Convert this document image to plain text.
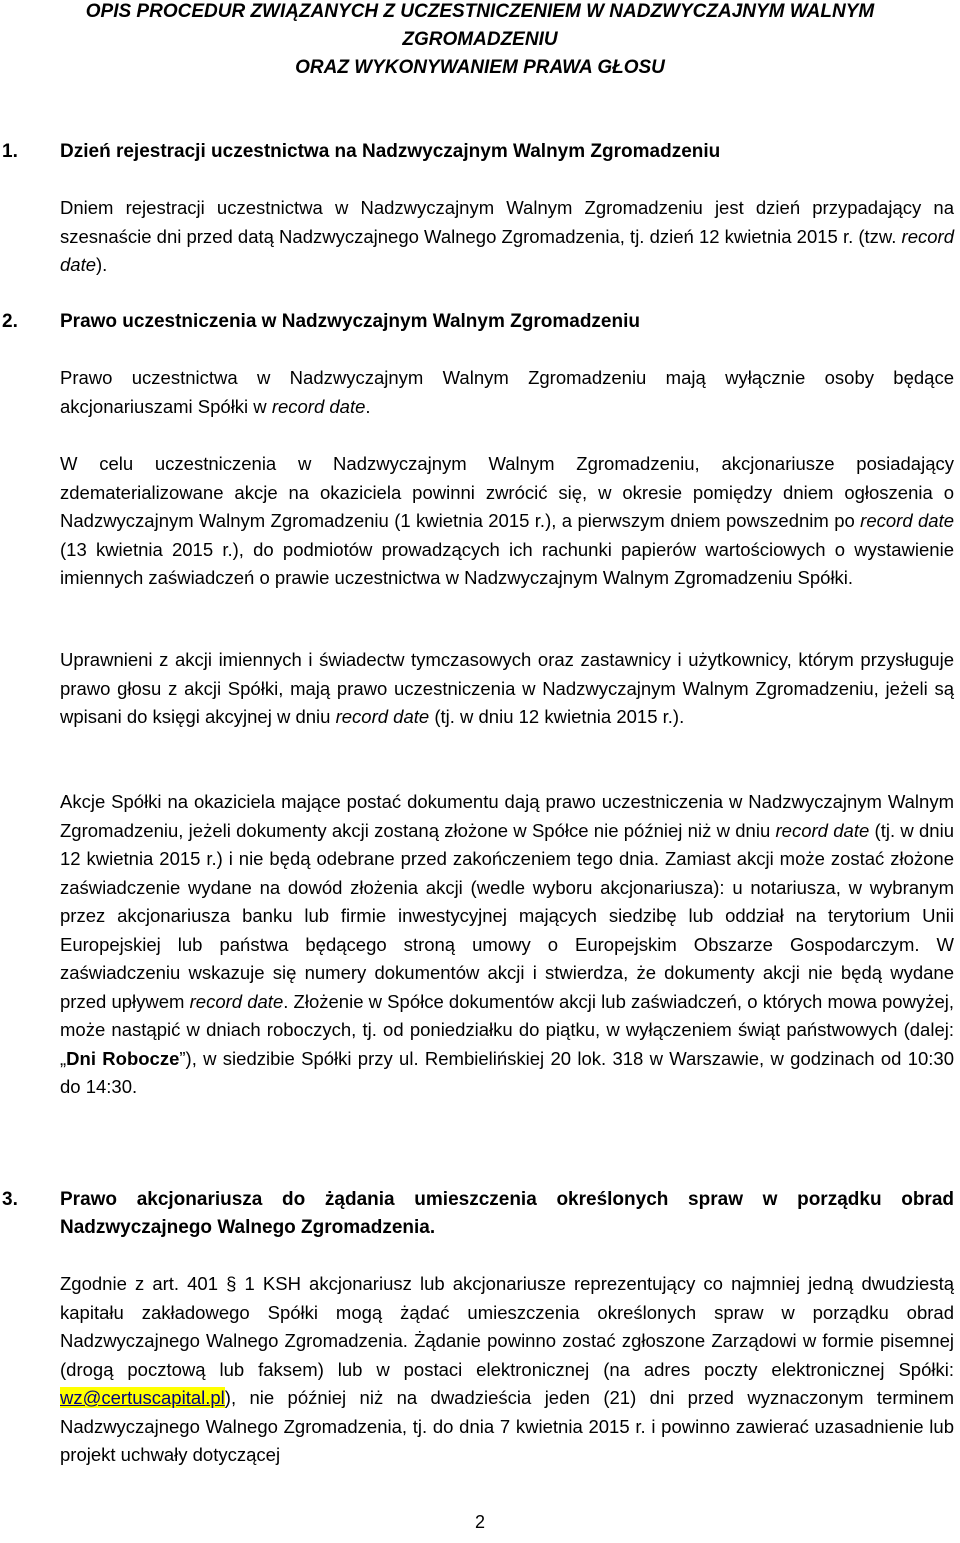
OPIS PROCEDUR ZWIĄZANYCH Z UCZESTNICZENIEM W NADZWYCZAJNYM WALNYM
ZGROMADZENIU
ORAZ WYKONYWANIEM PRAWA GŁOSU
1. Dzień rejestracji uczestnictwa na Nadzwyczajnym Walnym Zgromadzeniu
Dniem rejestracji uczestnictwa w Nadzwyczajnym Walnym Zgromadzeniu jest dzień przypadający na szesnaście dni przed datą Nadzwyczajnego Walnego Zgromadzenia, tj. dzień 12 kwietnia 2015 r. (tzw. record date).
2. Prawo uczestniczenia w Nadzwyczajnym Walnym Zgromadzeniu
Prawo uczestnictwa w Nadzwyczajnym Walnym Zgromadzeniu mają wyłącznie osoby będące akcjonariuszami Spółki w record date.
W celu uczestniczenia w Nadzwyczajnym Walnym Zgromadzeniu, akcjonariusze posiadający zdematerializowane akcje na okaziciela powinni zwrócić się, w okresie pomiędzy dniem ogłoszenia o Nadzwyczajnym Walnym Zgromadzeniu (1 kwietnia 2015 r.), a pierwszym dniem powszednim po record date (13 kwietnia 2015 r.), do podmiotów prowadzących ich rachunki papierów wartościowych o wystawienie imiennych zaświadczeń o prawie uczestnictwa w Nadzwyczajnym Walnym Zgromadzeniu Spółki.
Uprawnieni z akcji imiennych i świadectw tymczasowych oraz zastawnicy i użytkownicy, którym przysługuje prawo głosu z akcji Spółki, mają prawo uczestniczenia w Nadzwyczajnym Walnym Zgromadzeniu, jeżeli są wpisani do księgi akcyjnej w dniu record date (tj. w dniu 12 kwietnia 2015 r.).
Akcje Spółki na okaziciela mające postać dokumentu dają prawo uczestniczenia w Nadzwyczajnym Walnym Zgromadzeniu, jeżeli dokumenty akcji zostaną złożone w Spółce nie później niż w dniu record date (tj. w dniu 12 kwietnia 2015 r.) i nie będą odebrane przed zakończeniem tego dnia. Zamiast akcji może zostać złożone zaświadczenie wydane na dowód złożenia akcji (wedle wyboru akcjonariusza): u notariusza, w wybranym przez akcjonariusza banku lub firmie inwestycyjnej mających siedzibę lub oddział na terytorium Unii Europejskiej lub państwa będącego stroną umowy o Europejskim Obszarze Gospodarczym. W zaświadczeniu wskazuje się numery dokumentów akcji i stwierdza, że dokumenty akcji nie będą wydane przed upływem record date. Złożenie w Spółce dokumentów akcji lub zaświadczeń, o których mowa powyżej, może nastąpić w dniach roboczych, tj. od poniedziałku do piątku, w wyłączeniem świąt państwowych (dalej: „Dni Robocze”), w siedzibie Spółki przy ul. Rembielińskiej 20 lok. 318 w Warszawie, w godzinach od 10:30 do 14:30.
3. Prawo akcjonariusza do żądania umieszczenia określonych spraw w porządku obrad Nadzwyczajnego Walnego Zgromadzenia.
Zgodnie z art. 401 § 1 KSH akcjonariusz lub akcjonariusze reprezentujący co najmniej jedną dwudziestą kapitału zakładowego Spółki mogą żądać umieszczenia określonych spraw w porządku obrad Nadzwyczajnego Walnego Zgromadzenia. Żądanie powinno zostać zgłoszone Zarządowi w formie pisemnej (drogą pocztową lub faksem) lub w postaci elektronicznej (na adres poczty elektronicznej Spółki: wz@certuscapital.pl), nie później niż na dwadzieścia jeden (21) dni przed wyznaczonym terminem Nadzwyczajnego Walnego Zgromadzenia, tj. do dnia 7 kwietnia 2015 r. i powinno zawierać uzasadnienie lub projekt uchwały dotyczącej
2
